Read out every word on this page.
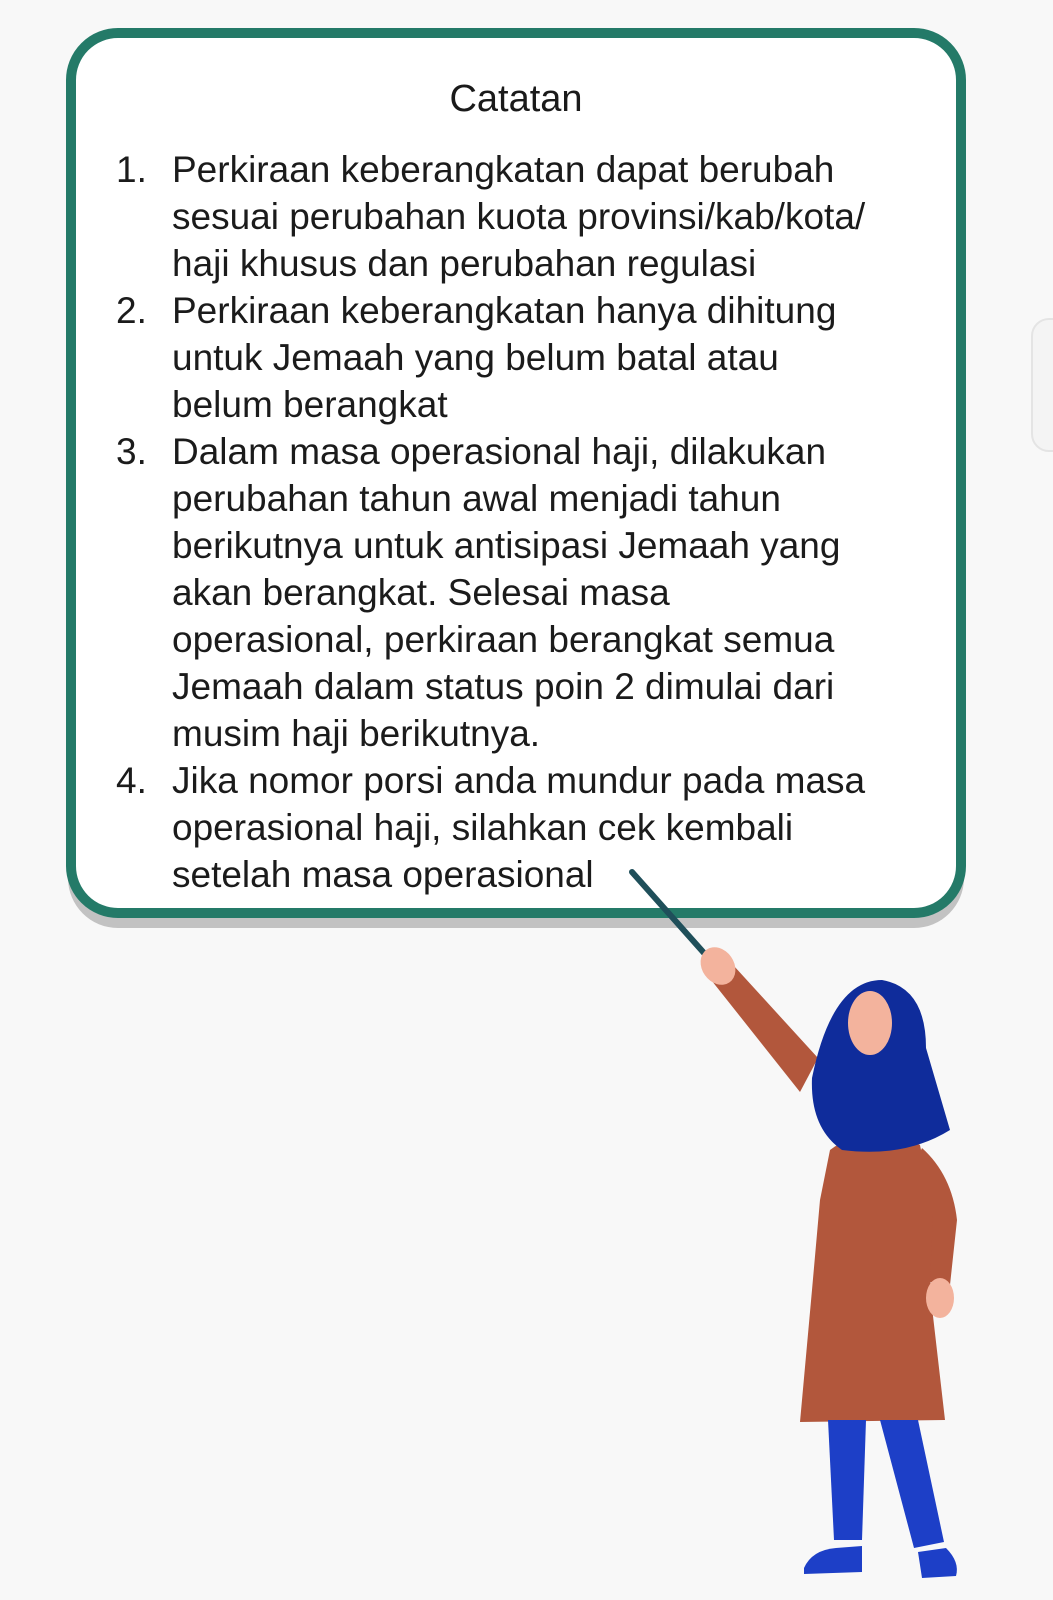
Catatan
1. Perkiraan keberangkatan dapat berubah
sesuai perubahan kuota provinsi/kab/kota/
haji khusus dan perubahan regulasi
2. Perkiraan keberangkatan hanya dihitung
untuk Jemaah yang belum batal atau
belum berangkat
3. Dalam masa operasional haji, dilakukan
perubahan tahun awal menjadi tahun
berikutnya untuk antisipasi Jemaah yang
akan berangkat. Selesai masa
operasional, perkiraan berangkat semua
Jemaah dalam status poin 2 dimulai dari
musim haji berikutnya.
4. Jika nomor porsi anda mundur pada masa
operasional haji, silahkan cek kembali
setelah masa operasional
